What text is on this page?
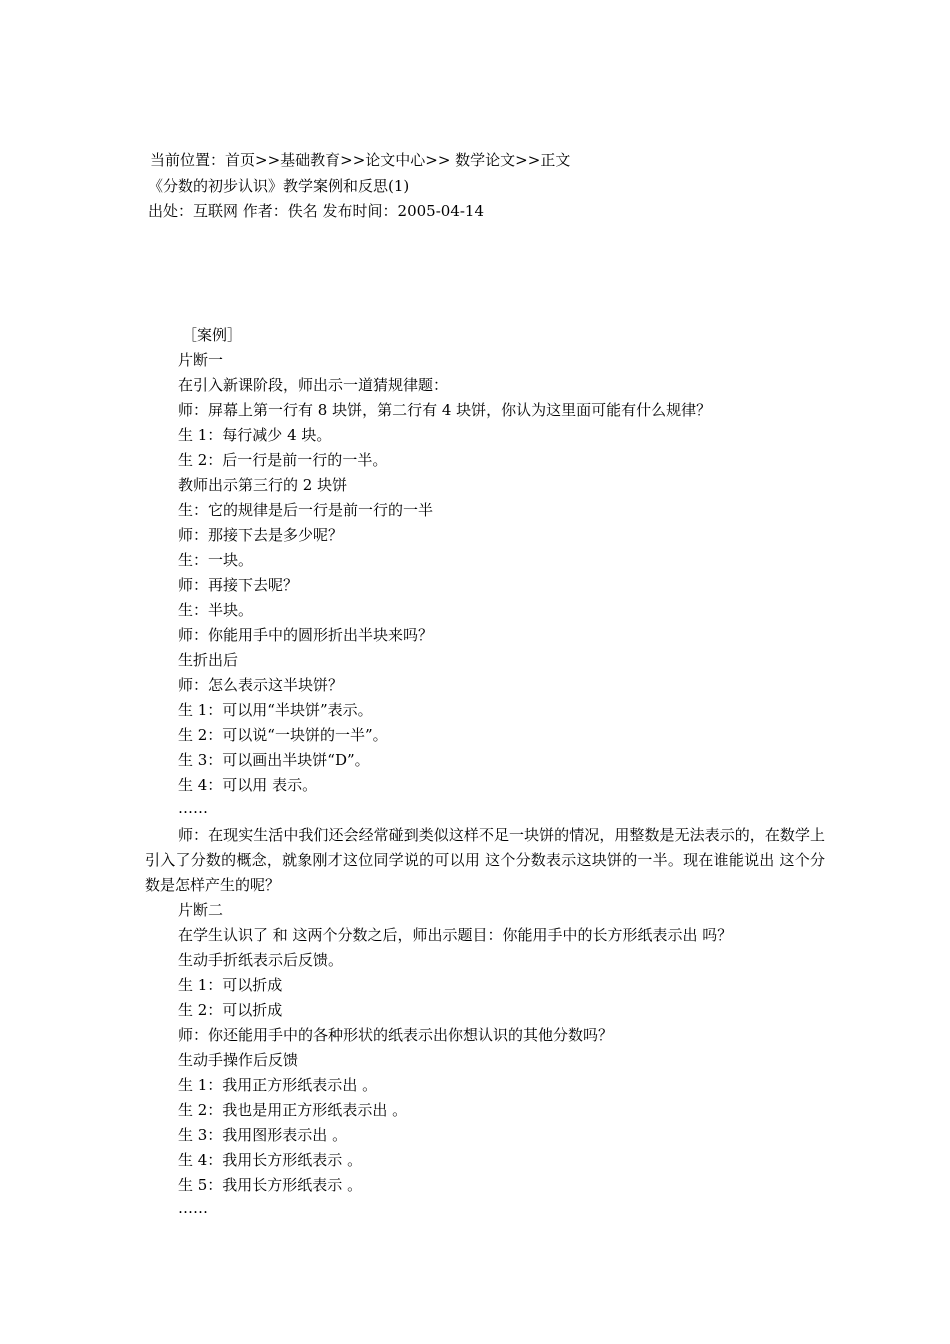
当前位置：首页>>基础教育>>论文中心>> 数学论文>>正文
《分数的初步认识》教学案例和反思(1)
出处：互联网 作者：佚名 发布时间：2005-04-14
［案例］
片断一
在引入新课阶段，师出示一道猜规律题：
师：屏幕上第一行有 8 块饼，第二行有 4 块饼，你认为这里面可能有什么规律？
生 1：每行减少 4 块。
生 2：后一行是前一行的一半。
教师出示第三行的 2 块饼
生：它的规律是后一行是前一行的一半
师：那接下去是多少呢？
生：一块。
师：再接下去呢？
生：半块。
师：你能用手中的圆形折出半块来吗？
生折出后
师：怎么表示这半块饼？
生 1：可以用“半块饼”表示。
生 2：可以说“一块饼的一半”。
生 3：可以画出半块饼“D”。
生 4：可以用 表示。
……
师：在现实生活中我们还会经常碰到类似这样不足一块饼的情况，用整数是无法表示的，在数学上引入了分数的概念，就象刚才这位同学说的可以用 这个分数表示这块饼的一半。现在谁能说出 这个分数是怎样产生的呢？
片断二
在学生认识了 和 这两个分数之后，师出示题目：你能用手中的长方形纸表示出 吗？
生动手折纸表示后反馈。
生 1：可以折成
生 2：可以折成
师：你还能用手中的各种形状的纸表示出你想认识的其他分数吗？
生动手操作后反馈
生 1：我用正方形纸表示出 。
生 2：我也是用正方形纸表示出 。
生 3：我用图形表示出 。
生 4：我用长方形纸表示 。
生 5：我用长方形纸表示 。
……
